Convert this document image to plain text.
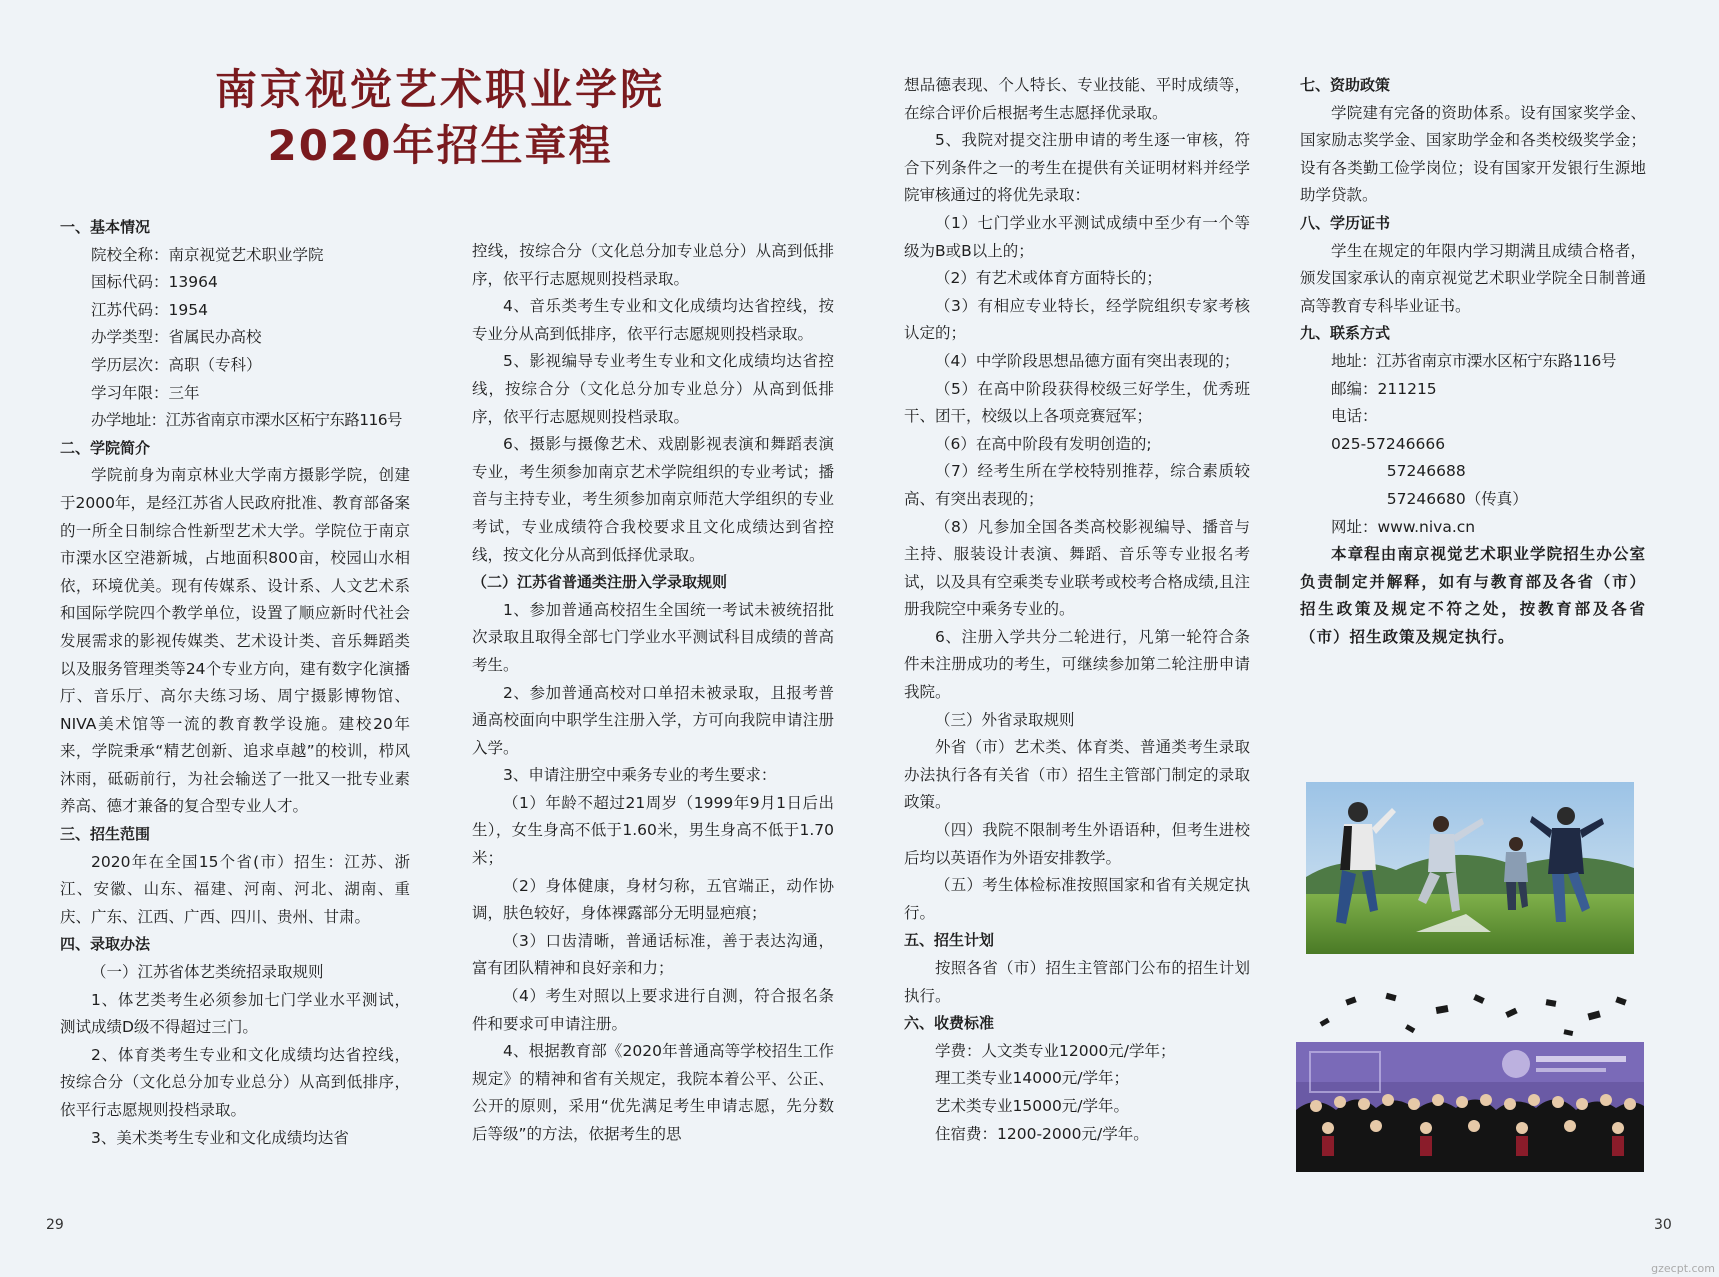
南京视觉艺术职业学院
2020年招生章程

一、基本情况

院校全称：南京视觉艺术职业学院

国标代码：13964

江苏代码：1954

办学类型：省属民办高校

学历层次：高职（专科）

学习年限：三年

办学地址：江苏省南京市溧水区柘宁东路116号

二、学院简介

学院前身为南京林业大学南方摄影学院，创建于2000年，是经江苏省人民政府批准、教育部备案的一所全日制综合性新型艺术大学。学院位于南京市溧水区空港新城，占地面积800亩，校园山水相依，环境优美。现有传媒系、设计系、人文艺术系和国际学院四个教学单位，设置了顺应新时代社会发展需求的影视传媒类、艺术设计类、音乐舞蹈类以及服务管理类等24个专业方向，建有数字化演播厅、音乐厅、高尔夫练习场、周宁摄影博物馆、NIVA美术馆等一流的教育教学设施。建校20年来，学院秉承“精艺创新、追求卓越”的校训，栉风沐雨，砥砺前行，为社会输送了一批又一批专业素养高、德才兼备的复合型专业人才。

三、招生范围

2020年在全国15个省(市）招生：江苏、浙江、安徽、山东、福建、河南、河北、湖南、重庆、广东、江西、广西、四川、贵州、甘肃。

四、录取办法

（一）江苏省体艺类统招录取规则

1、体艺类考生必须参加七门学业水平测试，测试成绩D级不得超过三门。

2、体育类考生专业和文化成绩均达省控线，按综合分（文化总分加专业总分）从高到低排序，依平行志愿规则投档录取。

3、美术类考生专业和文化成绩均达省

控线，按综合分（文化总分加专业总分）从高到低排序，依平行志愿规则投档录取。

4、音乐类考生专业和文化成绩均达省控线，按专业分从高到低排序，依平行志愿规则投档录取。

5、影视编导专业考生专业和文化成绩均达省控线，按综合分（文化总分加专业总分）从高到低排序，依平行志愿规则投档录取。

6、摄影与摄像艺术、戏剧影视表演和舞蹈表演专业，考生须参加南京艺术学院组织的专业考试；播音与主持专业，考生须参加南京师范大学组织的专业考试，专业成绩符合我校要求且文化成绩达到省控线，按文化分从高到低择优录取。

（二）江苏省普通类注册入学录取规则

1、参加普通高校招生全国统一考试未被统招批次录取且取得全部七门学业水平测试科目成绩的普高考生。

2、参加普通高校对口单招未被录取，且报考普通高校面向中职学生注册入学，方可向我院申请注册入学。

3、申请注册空中乘务专业的考生要求：

（1）年龄不超过21周岁（1999年9月1日后出生），女生身高不低于1.60米，男生身高不低于1.70米；

（2）身体健康，身材匀称，五官端正，动作协调，肤色较好，身体裸露部分无明显疤痕；

（3）口齿清晰，普通话标准，善于表达沟通，富有团队精神和良好亲和力；

（4）考生对照以上要求进行自测，符合报名条件和要求可申请注册。

4、根据教育部《2020年普通高等学校招生工作规定》的精神和省有关规定，我院本着公平、公正、公开的原则，采用“优先满足考生申请志愿，先分数后等级”的方法，依据考生的思

想品德表现、个人特长、专业技能、平时成绩等，在综合评价后根据考生志愿择优录取。

5、我院对提交注册申请的考生逐一审核，符合下列条件之一的考生在提供有关证明材料并经学院审核通过的将优先录取：

（1）七门学业水平测试成绩中至少有一个等级为B或B以上的；

（2）有艺术或体育方面特长的；

（3）有相应专业特长，经学院组织专家考核认定的；

（4）中学阶段思想品德方面有突出表现的；

（5）在高中阶段获得校级三好学生，优秀班干、团干，校级以上各项竞赛冠军；

（6）在高中阶段有发明创造的;

（7）经考生所在学校特别推荐，综合素质较高、有突出表现的；

（8）凡参加全国各类高校影视编导、播音与主持、服装设计表演、舞蹈、音乐等专业报名考试，以及具有空乘类专业联考或校考合格成绩,且注册我院空中乘务专业的。

6、注册入学共分二轮进行，凡第一轮符合条件未注册成功的考生，可继续参加第二轮注册申请我院。

（三）外省录取规则

外省（市）艺术类、体育类、普通类考生录取办法执行各有关省（市）招生主管部门制定的录取政策。

（四）我院不限制考生外语语种，但考生进校后均以英语作为外语安排教学。

（五）考生体检标准按照国家和省有关规定执行。

五、招生计划

按照各省（市）招生主管部门公布的招生计划执行。

六、收费标准

学费：人文类专业12000元/学年；

理工类专业14000元/学年；

艺术类专业15000元/学年。

住宿费：1200-2000元/学年。

七、资助政策

学院建有完备的资助体系。设有国家奖学金、国家励志奖学金、国家助学金和各类校级奖学金；设有各类勤工俭学岗位；设有国家开发银行生源地助学贷款。

八、学历证书

学生在规定的年限内学习期满且成绩合格者，颁发国家承认的南京视觉艺术职业学院全日制普通高等教育专科毕业证书。

九、联系方式

地址：江苏省南京市溧水区柘宁东路116号

邮编：211215

电话：

025-57246666

57246688

57246680（传真）

网址：www.niva.cn

本章程由南京视觉艺术职业学院招生办公室负责制定并解释，如有与教育部及各省（市）招生政策及规定不符之处，按教育部及各省（市）招生政策及规定执行。

29	30
gzecpt.com
